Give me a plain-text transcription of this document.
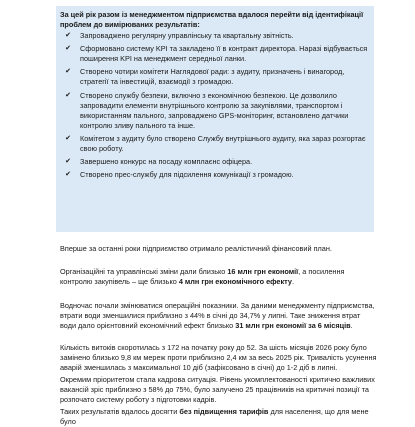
За цей рік разом із менеджментом підприємства вдалося перейти від ідентифікації проблем до вимірюваних результатів:

✔ Запроваджено регулярну управлінську та квартальну звітність.
✔ Сформовано систему KPI та закладено її в контракт директора. Наразі відбувається поширення KPI на менеджмент середньої ланки.
✔ Створено чотири комітети Наглядової ради: з аудиту, призначень і винагород, стратегії та інвестицій, взаємодії з громадою.
✔ Створено службу безпеки, включно з економічною безпекою. Це дозволило запровадити елементи внутрішнього контролю за закупівлями, транспортом і використанням пального, запроваджено GPS-моніторинг, встановлено датчики контролю зливу пального та інше.
✔ Комітетом з аудиту було створено Службу внутрішнього аудиту, яка зараз розгортає свою роботу.
✔ Завершено конкурс на посаду комплаєнс офіцера.
✔ Створено прес-службу для підсилення комунікації з громадою.

Вперше за останні роки підприємство отримало реалістичний фінансовий план.

Організаційні та управлінські зміни дали близько 16 млн грн економії, а посилення контролю закупівель – ще близько 4 млн грн економічного ефекту.

Водночас почали змінюватися операційні показники. За даними менеджменту підприємства, втрати води зменшилися приблизно з 44% в січні до 34,7% у липні. Таке зниження втрат води дало орієнтовний економічний ефект близько 31 млн грн економії за 6 місяців.

Кількість витоків скоротилась з 172 на початку року до 52. За шість місяців 2026 року було замінено близько 9,8 км мереж проти приблизно 2,4 км за весь 2025 рік. Тривалість усунення аварій зменшилась з максимальної 10 діб (зафіксовано в січні) до 1-2 діб в липні.

Окремим пріоритетом стала кадрова ситуація. Рівень укомплектованості критично важливих вакансій зріс приблизно з 58% до 75%, було залучено 25 працівників на критичні позиції та розпочато систему роботу з підготовки кадрів.

Таких результатів вдалось досягти без підвищення тарифів для населення, що для мене було
